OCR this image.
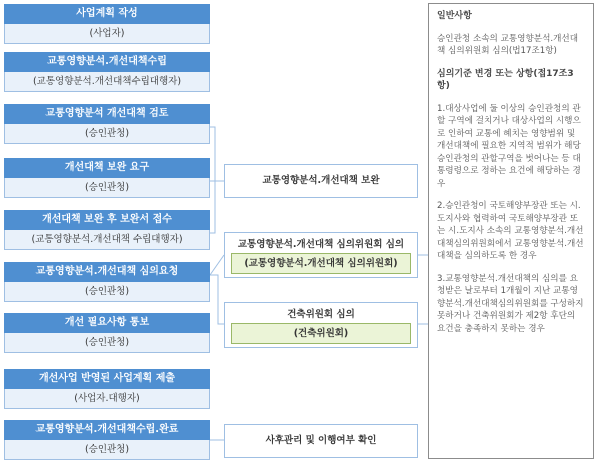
사업계획 작성
(사업자)
교통영향분석.개선대책수립
(교통영향분석.개선대책수립대행자)
교통영향분석 개선대책 검토
(승인관청)
개선대책 보완 요구
(승인관청)
개선대책 보완 후 보완서 접수
(교통영향분석.개선대책 수립대행자)
교통영향분석.개선대책 심의요청
(승인관청)
개선 필요사항 통보
(승인관청)
개선사업 반영된 사업계획 제출
(사업자.대행자)
교통영향분석.개선대책수립.완료
(승인관청)
교통영향분석.개선대책 보완
교통영향분석.개선대책 심의위원회 심의
(교통영향분석.개선대책 심의위원회)
건축위원회 심의
(건축위원회)
사후관리 및 이행여부 확인

일반사항

승인관청 소속의 교통영향분석.개선대책 심의위원회 심의(법17조1항)

심의기준 변경 또는 상항(접17조3항)

1.대상사업에 둘 이상의 승인관청의 관할 구역에 걸치거나 대상사업의 시행으로 인하여 교통에 혜치는 영향범위 및 개선대책에 필요한 지역적 범위가 해당 승인관청의 관할구역을 벗어나는 등 대통령령으로 정하는 요건에 해당하는 경우

2.승인관청이 국토해양부장관 또는 시.도지사와 협력하여 국토해양부장관 또는 시.도지사 소속의 교통영향분석.개선대책심의위원회에서 교통영향분석.개선대책을 심의하도록 한 경우

3.교통영향분석.개선대책의 심의를 요청받은 날로부터 1개월이 지난 교통영향분석.개선대책심의위원회를 구성하지 못하거나 건축위원회가 제2항 후단의 요건을 충족하지 못하는 경우
